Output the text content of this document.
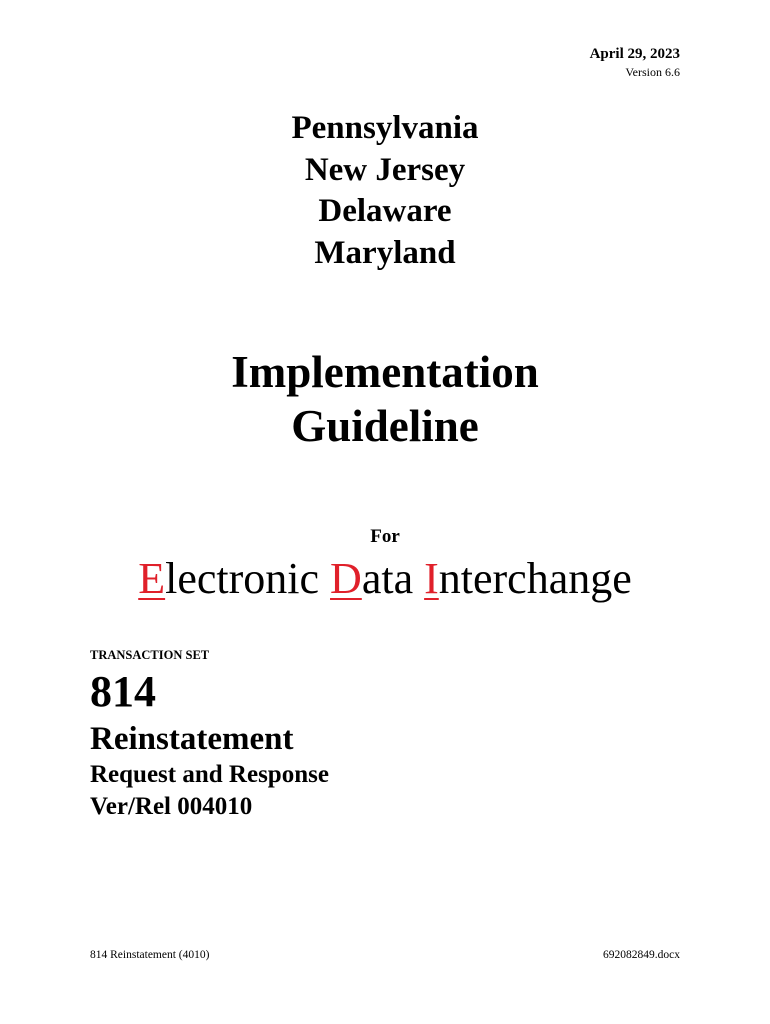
April 29, 2023
Version 6.6
Pennsylvania
New Jersey
Delaware
Maryland
Implementation
Guideline
For
Electronic Data Interchange
TRANSACTION SET
814
Reinstatement
Request and Response
Ver/Rel 004010
814 Reinstatement (4010)	692082849.docx
